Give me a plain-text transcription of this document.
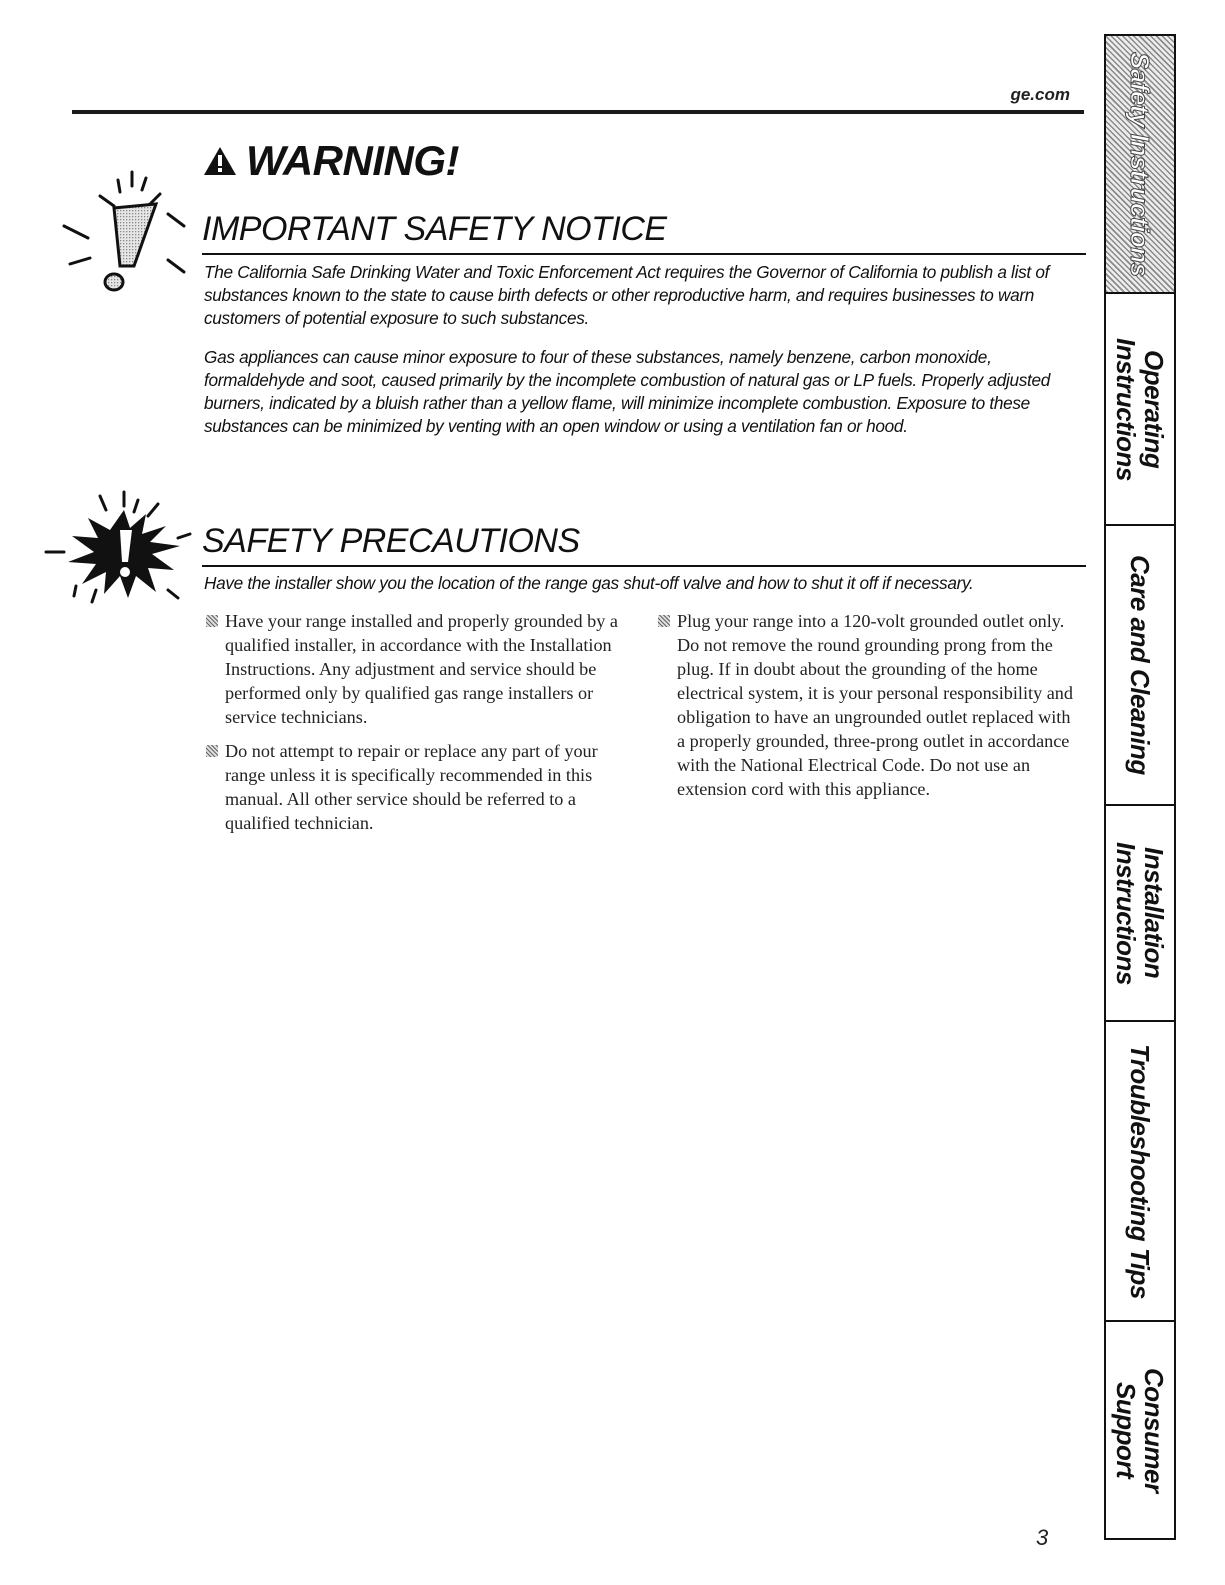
ge.com
WARNING!
IMPORTANT SAFETY NOTICE
The California Safe Drinking Water and Toxic Enforcement Act requires the Governor of California to publish a list of substances known to the state to cause birth defects or other reproductive harm, and requires businesses to warn customers of potential exposure to such substances.
Gas appliances can cause minor exposure to four of these substances, namely benzene, carbon monoxide, formaldehyde and soot, caused primarily by the incomplete combustion of natural gas or LP fuels. Properly adjusted burners, indicated by a bluish rather than a yellow flame, will minimize incomplete combustion. Exposure to these substances can be minimized by venting with an open window or using a ventilation fan or hood.
SAFETY PRECAUTIONS
Have the installer show you the location of the range gas shut-off valve and how to shut it off if necessary.
Have your range installed and properly grounded by a qualified installer, in accordance with the Installation Instructions. Any adjustment and service should be performed only by qualified gas range installers or service technicians.
Do not attempt to repair or replace any part of your range unless it is specifically recommended in this manual. All other service should be referred to a qualified technician.
Plug your range into a 120-volt grounded outlet only. Do not remove the round grounding prong from the plug. If in doubt about the grounding of the home electrical system, it is your personal responsibility and obligation to have an ungrounded outlet replaced with a properly grounded, three-prong outlet in accordance with the National Electrical Code. Do not use an extension cord with this appliance.
3
Safety Instructions
Operating Instructions
Care and Cleaning
Installation Instructions
Troubleshooting Tips
Consumer Support
